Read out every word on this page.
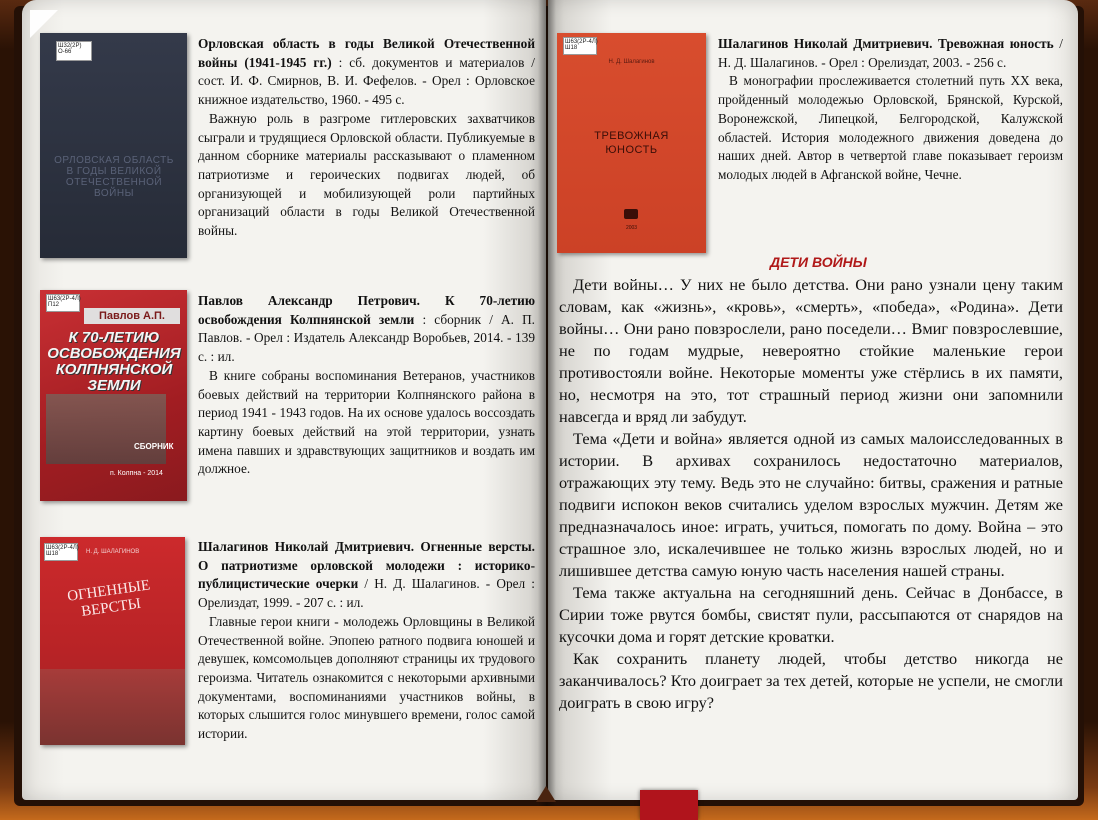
Ш32(2Р)
О-66
ОРЛОВСКАЯ ОБЛАСТЬ В ГОДЫ ВЕЛИКОЙ ОТЕЧЕСТВЕННОЙ ВОЙНЫ

Орловская область в годы Великой Отечественной войны (1941-1945 гг.) : сб. документов и материалов / сост. И. Ф. Смирнов, В. И. Фефелов. - Орел : Орловское книжное издательство, 1960. - 495 с.

Важную роль в разгроме гитлеровских захватчиков сыграли и трудящиеся Орловской области. Публикуемые в данном сборнике материалы рассказывают о пламенном патриотизме и героических подвигах людей, об организующей и мобилизующей роли партийных организаций области в годы Великой Отечественной войны.

Ш63(2Р-4Л)
П12
Павлов А.П.
К 70-ЛЕТИЮ ОСВОБОЖДЕНИЯ КОЛПНЯНСКОЙ ЗЕМЛИ
СБОРНИК
п. Колпна - 2014

Павлов Александр Петрович. К 70-летию освобождения Колпнянской земли : сборник / А. П. Павлов. - Орел : Издатель Александр Воробьев, 2014. - 139 с. : ил.

В книге собраны воспоминания Ветеранов, участников боевых действий на территории Колпнянского района в период 1941 - 1943 годов. На их основе удалось воссоздать картину боевых действий на этой территории, узнать имена павших и здравствующих защитников и воздать им должное.

Ш63(2Р-4Л)
Ш18	Н. Д. ШАЛАГИНОВ
ОГНЕННЫЕ ВЕРСТЫ

Шалагинов Николай Дмитриевич. Огненные версты. О патриотизме орловской молодежи : историко-публицистические очерки / Н. Д. Шалагинов. - Орел : Орелиздат, 1999. - 207 с. : ил.

Главные герои книги - молодежь Орловщины в Великой Отечественной войне. Эпопею ратного подвига юношей и девушек, комсомольцев дополняют страницы их трудового героизма. Читатель ознакомится с некоторыми архивными документами, воспоминаниями участников войны, в которых слышится голос минувшего времени, голос самой истории.

Ш63(2Р-4Л)
Ш18
Н. Д. Шалагинов
ТРЕВОЖНАЯ ЮНОСТЬ
2003

Шалагинов Николай Дмитриевич. Тревожная юность / Н. Д. Шалагинов. - Орел : Орелиздат, 2003. - 256 с.

В монографии прослеживается столетний путь XX века, пройденный молодежью Орловской, Брянской, Курской, Воронежской, Липецкой, Белгородской, Калужской областей. История молодежного движения доведена до наших дней. Автор в четвертой главе показывает героизм молодых людей в Афганской войне, Чечне.

ДЕТИ ВОЙНЫ

Дети войны… У них не было детства. Они рано узнали цену таким словам, как «жизнь», «кровь», «смерть», «победа», «Родина». Дети войны… Они рано повзрослели, рано поседели… Вмиг повзрослевшие, не по годам мудрые, невероятно стойкие маленькие герои противостояли войне. Некоторые моменты уже стёрлись в их памяти, но, несмотря на это, тот страшный период жизни они запомнили навсегда и вряд ли забудут.

Тема «Дети и война» является одной из самых малоисследованных в истории. В архивах сохранилось недостаточно материалов, отражающих эту тему. Ведь это не случайно: битвы, сражения и ратные подвиги испокон веков считались уделом взрослых мужчин. Детям же предназначалось иное: играть, учиться, помогать по дому. Война – это страшное зло, искалечившее не только жизнь взрослых людей, но и лишившее детства самую юную часть населения нашей страны.

Тема также актуальна на сегодняшний день. Сейчас в Донбассе, в Сирии тоже рвутся бомбы, свистят пули, рассыпаются от снарядов на кусочки дома и горят детские кроватки.

Как сохранить планету людей, чтобы детство никогда не заканчивалось? Кто доиграет за тех детей, которые не успели, не смогли доиграть в свою игру?
